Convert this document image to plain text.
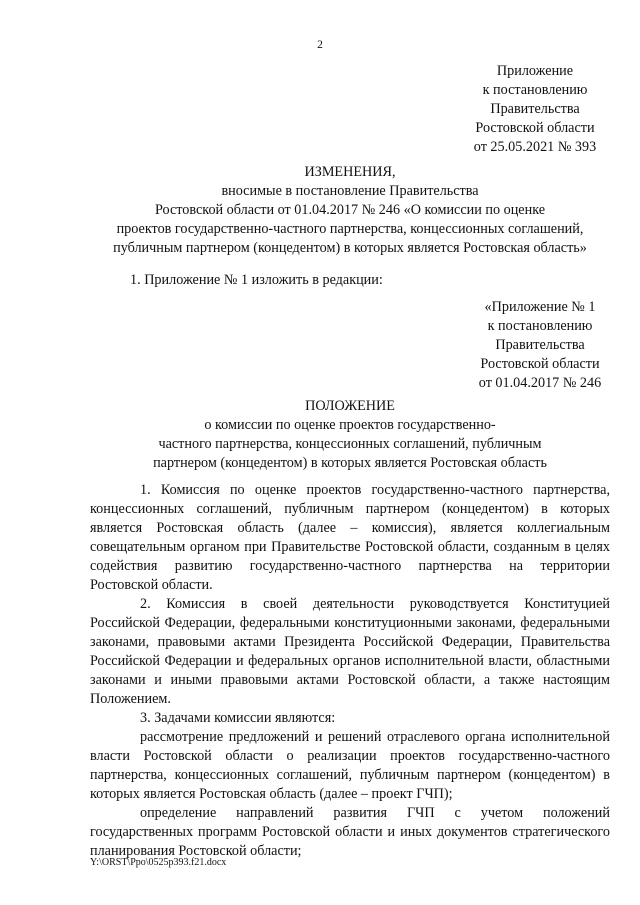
2
Приложение
к постановлению
Правительства
Ростовской области
от 25.05.2021 № 393
ИЗМЕНЕНИЯ,
вносимые в постановление Правительства
Ростовской области от 01.04.2017 № 246 «О комиссии по оценке
проектов государственно-частного партнерства, концессионных соглашений,
публичным партнером (концедентом) в которых является Ростовская область»
1. Приложение № 1 изложить в редакции:
«Приложение № 1
к постановлению
Правительства
Ростовской области
от 01.04.2017 № 246
ПОЛОЖЕНИЕ
о комиссии по оценке проектов государственно-
частного партнерства, концессионных соглашений, публичным
партнером (концедентом) в которых является Ростовская область

1. Комиссия по оценке проектов государственно-частного партнерства, концессионных соглашений, публичным партнером (концедентом) в которых является Ростовская область (далее – комиссия), является коллегиальным совещательным органом при Правительстве Ростовской области, созданным в целях содействия развитию государственно-частного партнерства на территории Ростовской области.

2. Комиссия в своей деятельности руководствуется Конституцией Российской Федерации, федеральными конституционными законами, федеральными законами, правовыми актами Президента Российской Федерации, Правительства Российской Федерации и федеральных органов исполнительной власти, областными законами и иными правовыми актами Ростовской области, а также настоящим Положением.

3. Задачами комиссии являются:

рассмотрение предложений и решений отраслевого органа исполнительной власти Ростовской области о реализации проектов государственно-частного партнерства, концессионных соглашений, публичным партнером (концедентом) в которых является Ростовская область (далее – проект ГЧП);

определение направлений развития ГЧП с учетом положений государственных программ Ростовской области и иных документов стратегического планирования Ростовской области;

Y:\ORST\Ppo\0525p393.f21.docx
